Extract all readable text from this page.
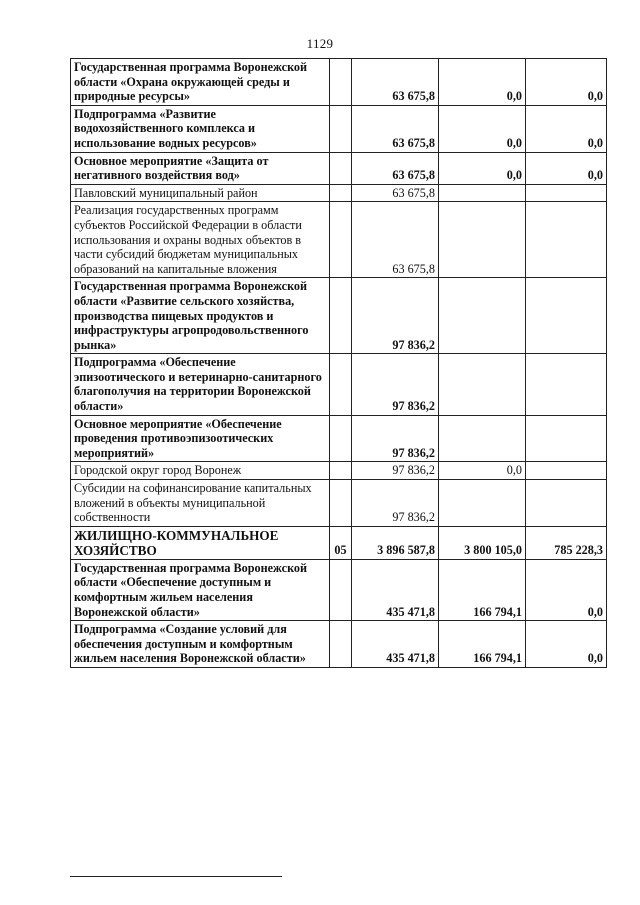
1129
Государственная программа Воронежской области «Охрана окружающей среды и природные ресурсы»		63 675,8	0,0	0,0
Подпрограмма «Развитие водохозяйственного комплекса и использование водных ресурсов»		63 675,8	0,0	0,0
Основное мероприятие «Защита от негативного воздействия вод»		63 675,8	0,0	0,0
Павловский муниципальный район		63 675,8		
Реализация государственных программ субъектов Российской Федерации в области использования и охраны водных объектов в части субсидий бюджетам муниципальных образований на капитальные вложения		63 675,8		
Государственная программа Воронежской области «Развитие сельского хозяйства, производства пищевых продуктов и инфраструктуры агропродовольственного рынка»		97 836,2		
Подпрограмма «Обеспечение эпизоотического и ветеринарно-санитарного благополучия на территории Воронежской области»		97 836,2		
Основное мероприятие «Обеспечение проведения противоэпизоотических мероприятий»		97 836,2		
Городской округ город Воронеж		97 836,2	0,0	
Субсидии на софинансирование капитальных вложений в объекты муниципальной собственности		97 836,2		
ЖИЛИЩНО-КОММУНАЛЬНОЕ ХОЗЯЙСТВО	05	3 896 587,8	3 800 105,0	785 228,3
Государственная программа Воронежской области «Обеспечение доступным и комфортным жильем населения Воронежской области»		435 471,8	166 794,1	0,0
Подпрограмма «Создание условий для обеспечения доступным и комфортным жильем населения Воронежской области»		435 471,8	166 794,1	0,0
